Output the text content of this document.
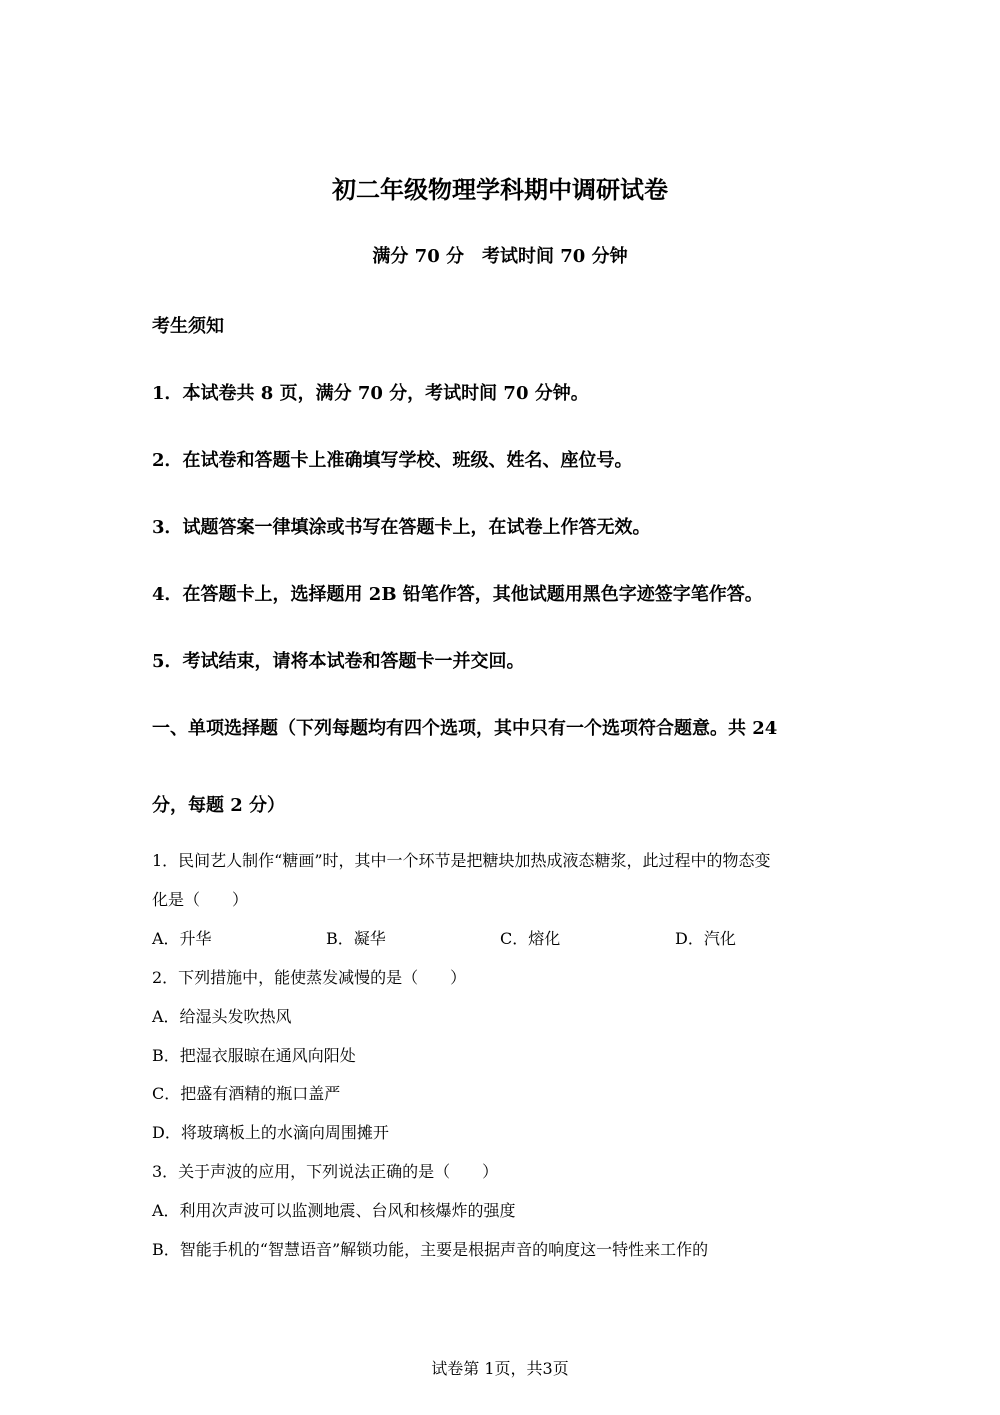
初二年级物理学科期中调研试卷
满分 70 分　考试时间 70 分钟
考生须知
1．本试卷共 8 页，满分 70 分，考试时间 70 分钟。
2．在试卷和答题卡上准确填写学校、班级、姓名、座位号。
3．试题答案一律填涂或书写在答题卡上，在试卷上作答无效。
4．在答题卡上，选择题用 2B 铅笔作答，其他试题用黑色字迹签字笔作答。
5．考试结束，请将本试卷和答题卡一并交回。
一、单项选择题（下列每题均有四个选项，其中只有一个选项符合题意。共 24
分，每题 2 分）
1．民间艺人制作“糖画”时，其中一个环节是把糖块加热成液态糖浆，此过程中的物态变
化是（　　）
A．升华	B．凝华	C．熔化	D．汽化
2．下列措施中，能使蒸发减慢的是（　　）
A．给湿头发吹热风
B．把湿衣服晾在通风向阳处
C．把盛有酒精的瓶口盖严
D．将玻璃板上的水滴向周围摊开
3．关于声波的应用，下列说法正确的是（　　）
A．利用次声波可以监测地震、台风和核爆炸的强度
B．智能手机的“智慧语音”解锁功能，主要是根据声音的响度这一特性来工作的
试卷第 1页，共3页
